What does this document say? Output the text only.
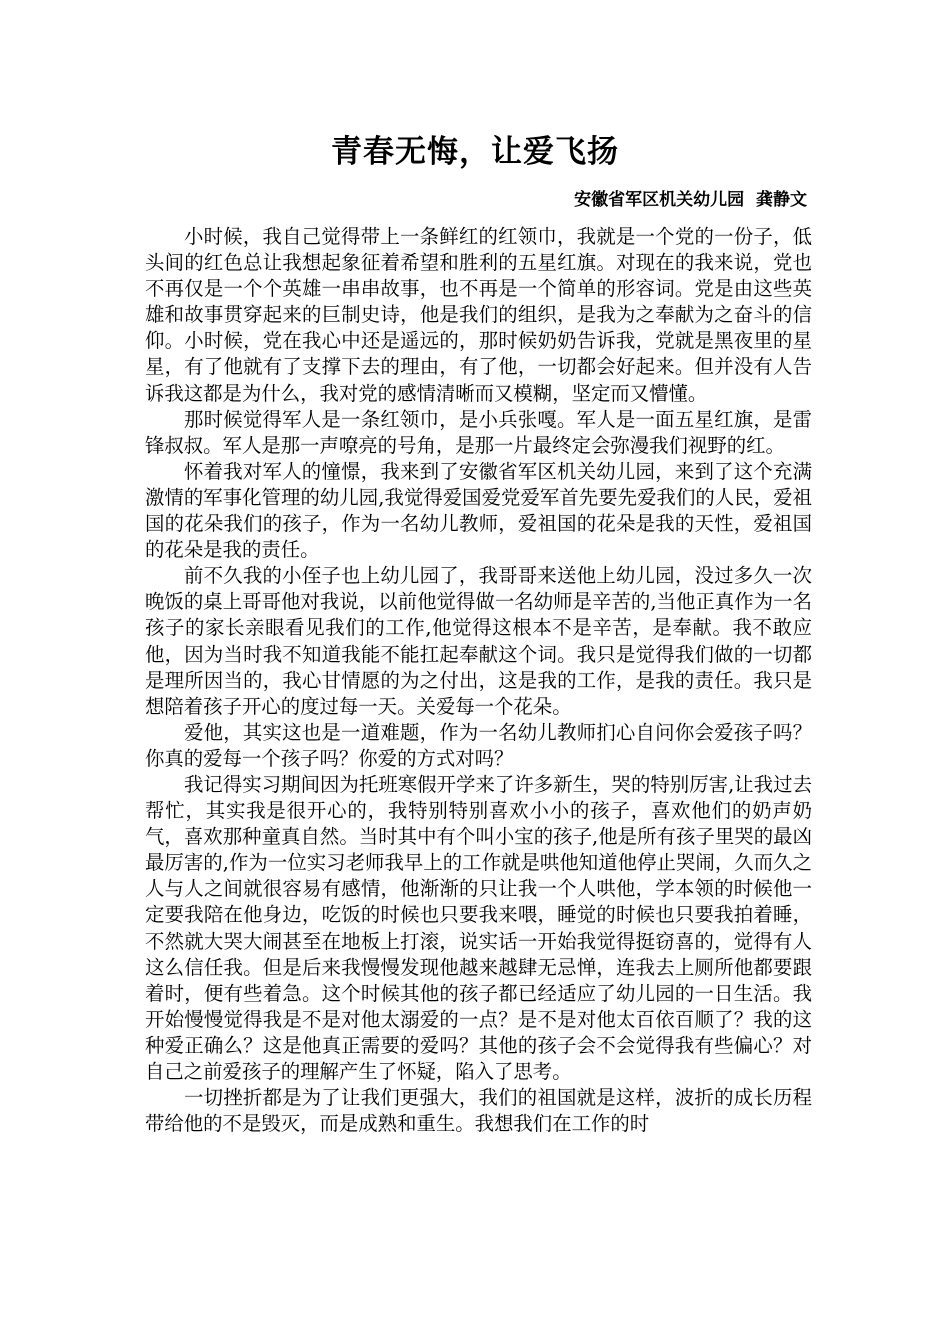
青春无悔，让爱飞扬
安徽省军区机关幼儿园  龚静文

小时候，我自己觉得带上一条鲜红的红领巾，我就是一个党的一份子，低头间的红色总让我想起象征着希望和胜利的五星红旗。对现在的我来说，党也不再仅是一个个英雄一串串故事，也不再是一个简单的形容词。党是由这些英雄和故事贯穿起来的巨制史诗，他是我们的组织，是我为之奉献为之奋斗的信仰。小时候，党在我心中还是遥远的，那时候奶奶告诉我，党就是黑夜里的星星，有了他就有了支撑下去的理由，有了他，一切都会好起来。但并没有人告诉我这都是为什么，我对党的感情清晰而又模糊，坚定而又懵懂。

那时候觉得军人是一条红领巾，是小兵张嘎。军人是一面五星红旗，是雷锋叔叔。军人是那一声嘹亮的号角，是那一片最终定会弥漫我们视野的红。

怀着我对军人的憧憬，我来到了安徽省军区机关幼儿园，来到了这个充满激情的军事化管理的幼儿园,我觉得爱国爱党爱军首先要先爱我们的人民，爱祖国的花朵我们的孩子，作为一名幼儿教师，爱祖国的花朵是我的天性，爱祖国的花朵是我的责任。

前不久我的小侄子也上幼儿园了，我哥哥来送他上幼儿园，没过多久一次晚饭的桌上哥哥他对我说，以前他觉得做一名幼师是辛苦的,当他正真作为一名孩子的家长亲眼看见我们的工作,他觉得这根本不是辛苦，是奉献。我不敢应他，因为当时我不知道我能不能扛起奉献这个词。我只是觉得我们做的一切都是理所因当的，我心甘情愿的为之付出，这是我的工作，是我的责任。我只是想陪着孩子开心的度过每一天。关爱每一个花朵。

爱他，其实这也是一道难题，作为一名幼儿教师扪心自问你会爱孩子吗？你真的爱每一个孩子吗？你爱的方式对吗？

我记得实习期间因为托班寒假开学来了许多新生，哭的特别厉害,让我过去帮忙，其实我是很开心的，我特别特别喜欢小小的孩子，喜欢他们的奶声奶气，喜欢那种童真自然。当时其中有个叫小宝的孩子,他是所有孩子里哭的最凶最厉害的,作为一位实习老师我早上的工作就是哄他知道他停止哭闹，久而久之人与人之间就很容易有感情，他渐渐的只让我一个人哄他，学本领的时候他一定要我陪在他身边，吃饭的时候也只要我来喂，睡觉的时候也只要我拍着睡，不然就大哭大闹甚至在地板上打滚，说实话一开始我觉得挺窃喜的，觉得有人这么信任我。但是后来我慢慢发现他越来越肆无忌惮，连我去上厕所他都要跟着时，便有些着急。这个时候其他的孩子都已经适应了幼儿园的一日生活。我开始慢慢觉得我是不是对他太溺爱的一点？是不是对他太百依百顺了？我的这种爱正确么？这是他真正需要的爱吗？其他的孩子会不会觉得我有些偏心？对自己之前爱孩子的理解产生了怀疑，陷入了思考。

一切挫折都是为了让我们更强大，我们的祖国就是这样，波折的成长历程带给他的不是毁灭，而是成熟和重生。我想我们在工作的时
